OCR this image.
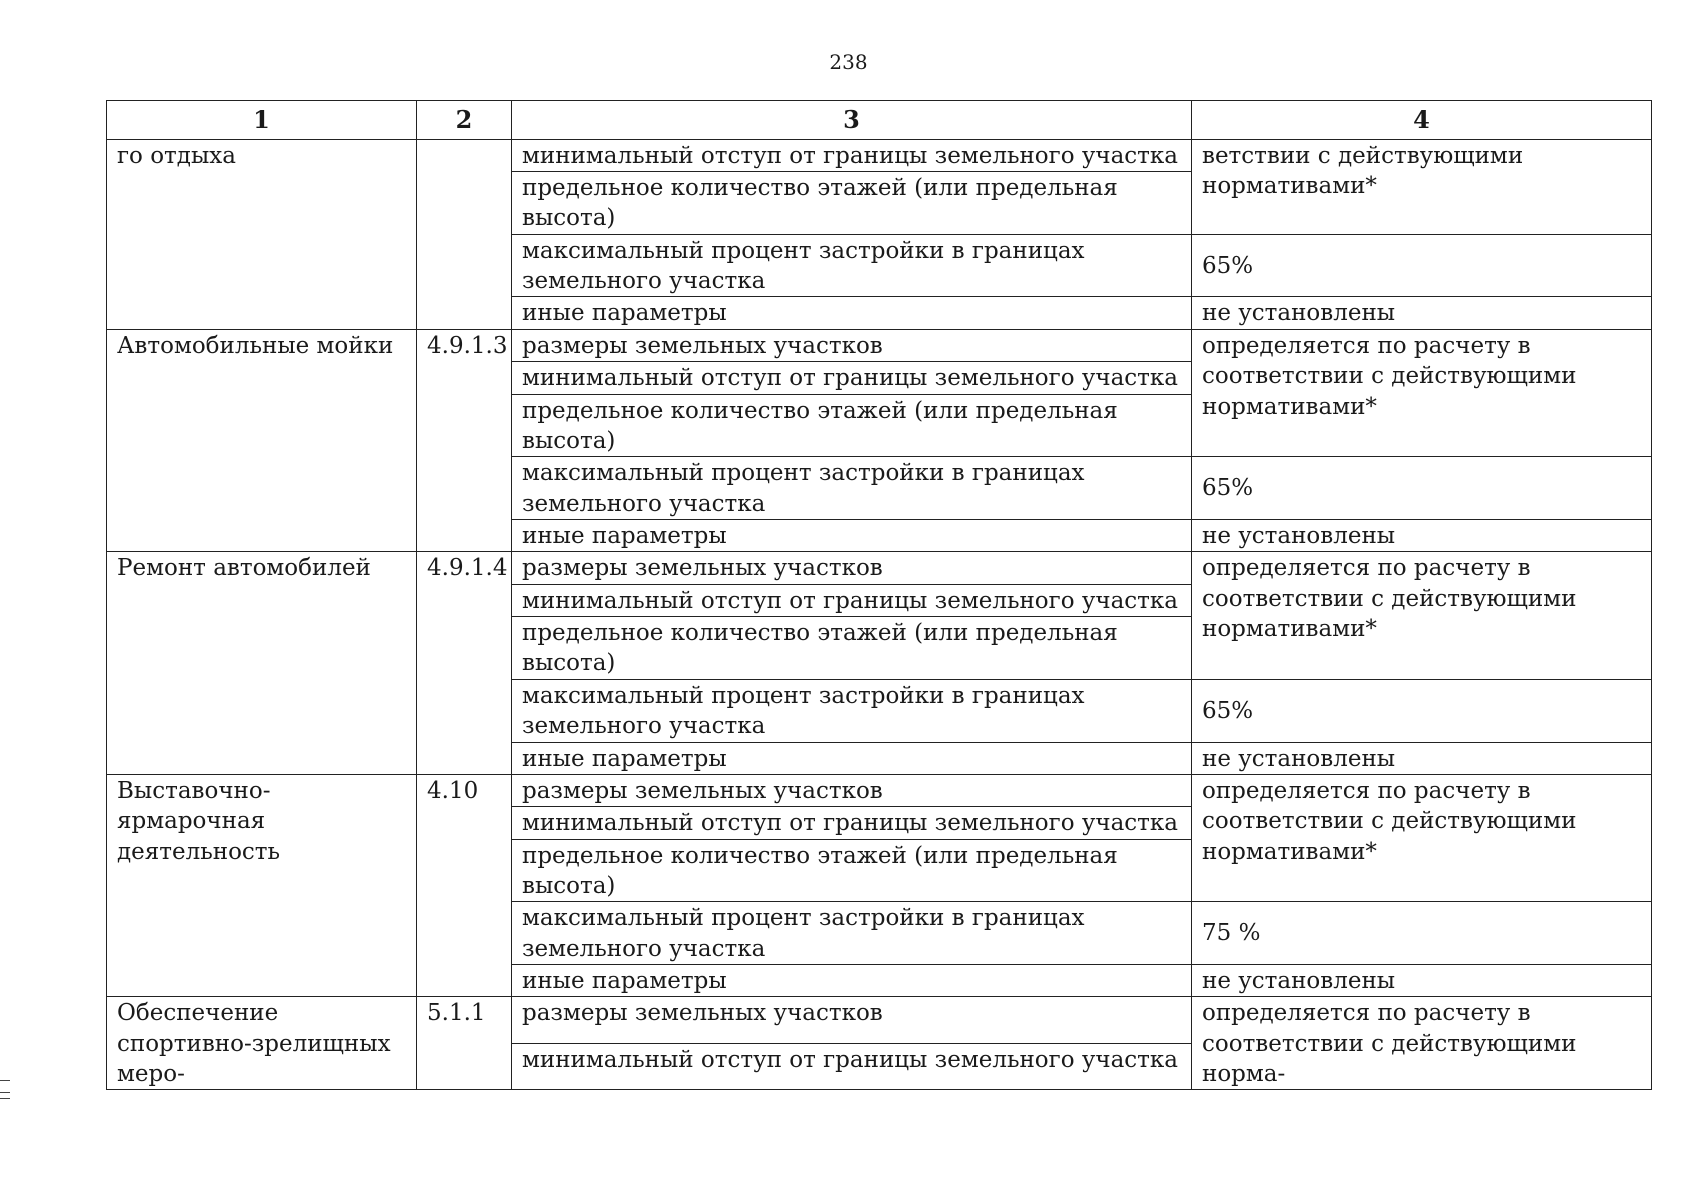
238
1	2	3	4
го отдыха		минимальный отступ от границы земельного участка	ветствии с действующими нормативами*
		предельное количество этажей (или предельная высота)	
		максимальный процент застройки в границах земельного участка	65%
		иные параметры	не установлены
Автомобильные мойки	4.9.1.3	размеры земельных участков	определяется по расчету в соответствии с действующими нормативами*
		минимальный отступ от границы земельного участка	
		предельное количество этажей (или предельная высота)	
		максимальный процент застройки в границах земельного участка	65%
		иные параметры	не установлены
Ремонт автомобилей	4.9.1.4	размеры земельных участков	определяется по расчету в соответствии с действующими нормативами*
		минимальный отступ от границы земельного участка	
		предельное количество этажей (или предельная высота)	
		максимальный процент застройки в границах земельного участка	65%
		иные параметры	не установлены
Выставочно-ярмарочная деятельность	4.10	размеры земельных участков	определяется по расчету в соответствии с действующими нормативами*
		минимальный отступ от границы земельного участка	
		предельное количество этажей (или предельная высота)	
		максимальный процент застройки в границах земельного участка	75 %
		иные параметры	не установлены
Обеспечение спортивно-зрелищных меро-	5.1.1	размеры земельных участков	определяется по расчету в соответствии с действующими норма-
		минимальный отступ от границы земельного участка	
